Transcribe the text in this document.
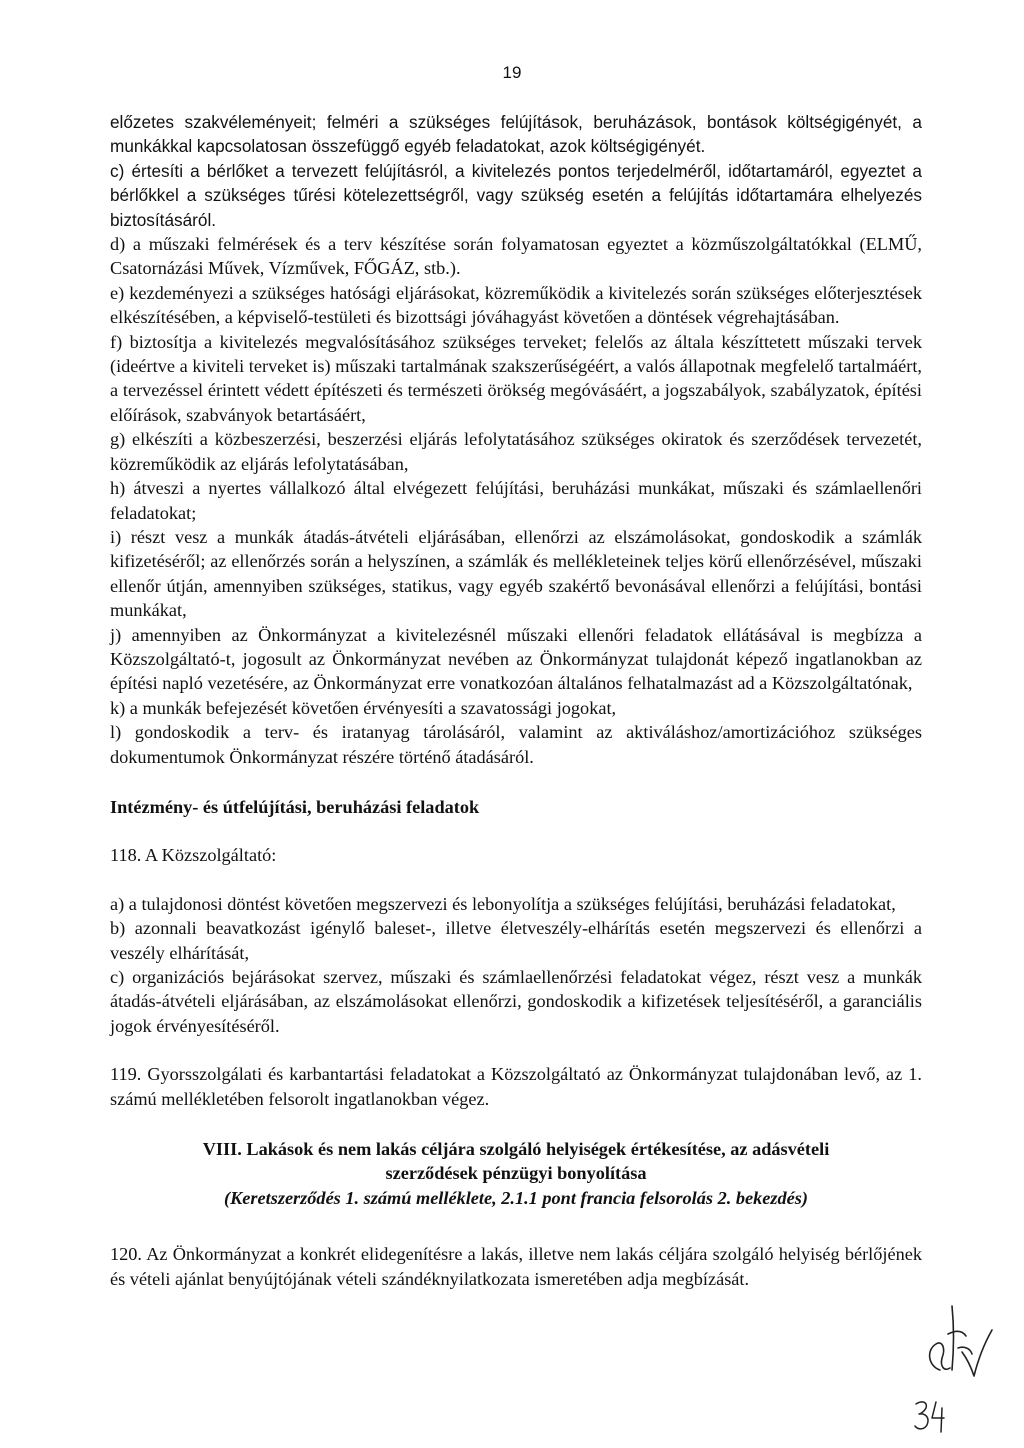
19

előzetes szakvéleményeit; felméri a szükséges felújítások, beruházások, bontások költségigényét, a munkákkal kapcsolatosan összefüggő egyéb feladatokat, azok költségigényét.

c) értesíti a bérlőket a tervezett felújításról, a kivitelezés pontos terjedelméről, időtartamáról, egyeztet a bérlőkkel a szükséges tűrési kötelezettségről, vagy szükség esetén a felújítás időtartamára elhelyezés biztosításáról.

d) a műszaki felmérések és a terv készítése során folyamatosan egyeztet a közműszolgáltatókkal (ELMŰ, Csatornázási Művek, Vízművek, FŐGÁZ, stb.).

e) kezdeményezi a szükséges hatósági eljárásokat, közreműködik a kivitelezés során szükséges előterjesztések elkészítésében, a képviselő-testületi és bizottsági jóváhagyást követően a döntések végrehajtásában.

f) biztosítja a kivitelezés megvalósításához szükséges terveket; felelős az általa készíttetett műszaki tervek (ideértve a kiviteli terveket is) műszaki tartalmának szakszerűségéért, a valós állapotnak megfelelő tartalmáért, a tervezéssel érintett védett építészeti és természeti örökség megóvásáért, a jogszabályok, szabályzatok, építési előírások, szabványok betartásáért,

g) elkészíti a közbeszerzési, beszerzési eljárás lefolytatásához szükséges okiratok és szerződések tervezetét, közreműködik az eljárás lefolytatásában,

h) átveszi a nyertes vállalkozó által elvégezett felújítási, beruházási munkákat, műszaki és számlaellenőri feladatokat;

i) részt vesz a munkák átadás-átvételi eljárásában, ellenőrzi az elszámolásokat, gondoskodik a számlák kifizetéséről; az ellenőrzés során a helyszínen, a számlák és mellékleteinek teljes körű ellenőrzésével, műszaki ellenőr útján, amennyiben szükséges, statikus, vagy egyéb szakértő bevonásával ellenőrzi a felújítási, bontási munkákat,

j) amennyiben az Önkormányzat a kivitelezésnél műszaki ellenőri feladatok ellátásával is megbízza a Közszolgáltató-t, jogosult az Önkormányzat nevében az Önkormányzat tulajdonát képező ingatlanokban az építési napló vezetésére, az Önkormányzat erre vonatkozóan általános felhatalmazást ad a Közszolgáltatónak,

k) a munkák befejezését követően érvényesíti a szavatossági jogokat,

l) gondoskodik a terv- és iratanyag tárolásáról, valamint az aktiváláshoz/amortizációhoz szükséges dokumentumok Önkormányzat részére történő átadásáról.

Intézmény- és útfelújítási, beruházási feladatok

118. A Közszolgáltató:

a) a tulajdonosi döntést követően megszervezi és lebonyolítja a szükséges felújítási, beruházási feladatokat,

b) azonnali beavatkozást igénylő baleset-, illetve életveszély-elhárítás esetén megszervezi és ellenőrzi a veszély elhárítását,

c) organizációs bejárásokat szervez, műszaki és számlaellenőrzési feladatokat végez, részt vesz a munkák átadás-átvételi eljárásában, az elszámolásokat ellenőrzi, gondoskodik a kifizetések teljesítéséről, a garanciális jogok érvényesítéséről.

119. Gyorsszolgálati és karbantartási feladatokat a Közszolgáltató az Önkormányzat tulajdonában levő, az 1. számú mellékletében felsorolt ingatlanokban végez.

VIII. Lakások és nem lakás céljára szolgáló helyiségek értékesítése, az adásvételi

szerződések pénzügyi bonyolítása

(Keretszerződés 1. számú melléklete, 2.1.1 pont francia felsorolás 2. bekezdés)

120. Az Önkormányzat a konkrét elidegenítésre a lakás, illetve nem lakás céljára szolgáló helyiség bérlőjének és vételi ajánlat benyújtójának vételi szándéknyilatkozata ismeretében adja megbízását.
